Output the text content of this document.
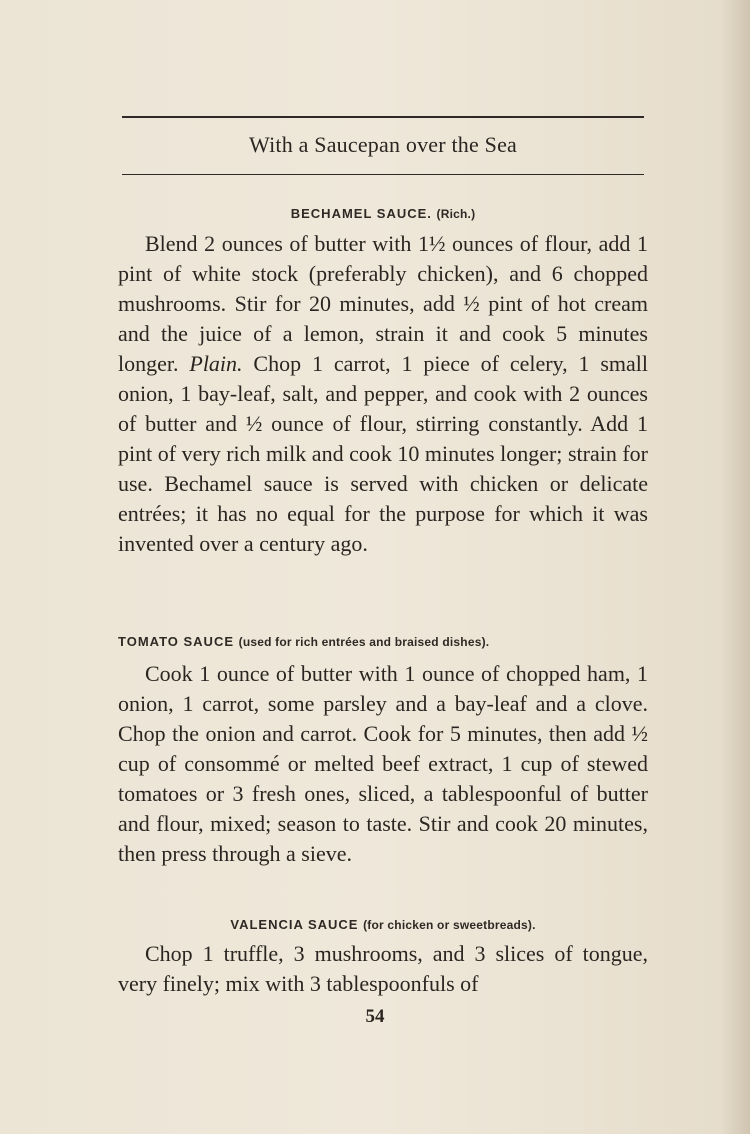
With a Saucepan over the Sea
BECHAMEL SAUCE. (Rich.)

Blend 2 ounces of butter with 1½ ounces of flour, add 1 pint of white stock (preferably chicken), and 6 chopped mushrooms. Stir for 20 minutes, add ½ pint of hot cream and the juice of a lemon, strain it and cook 5 minutes longer. Plain. Chop 1 carrot, 1 piece of celery, 1 small onion, 1 bay-leaf, salt, and pepper, and cook with 2 ounces of butter and ½ ounce of flour, stirring constantly. Add 1 pint of very rich milk and cook 10 minutes longer; strain for use. Bechamel sauce is served with chicken or delicate entrées; it has no equal for the purpose for which it was invented over a century ago.

TOMATO SAUCE (used for rich entrées and braised dishes).

Cook 1 ounce of butter with 1 ounce of chopped ham, 1 onion, 1 carrot, some parsley and a bay-leaf and a clove. Chop the onion and carrot. Cook for 5 minutes, then add ½ cup of consommé or melted beef extract, 1 cup of stewed tomatoes or 3 fresh ones, sliced, a tablespoonful of butter and flour, mixed; season to taste. Stir and cook 20 minutes, then press through a sieve.

VALENCIA SAUCE (for chicken or sweetbreads).

Chop 1 truffle, 3 mushrooms, and 3 slices of tongue, very finely; mix with 3 tablespoonfuls of

54
